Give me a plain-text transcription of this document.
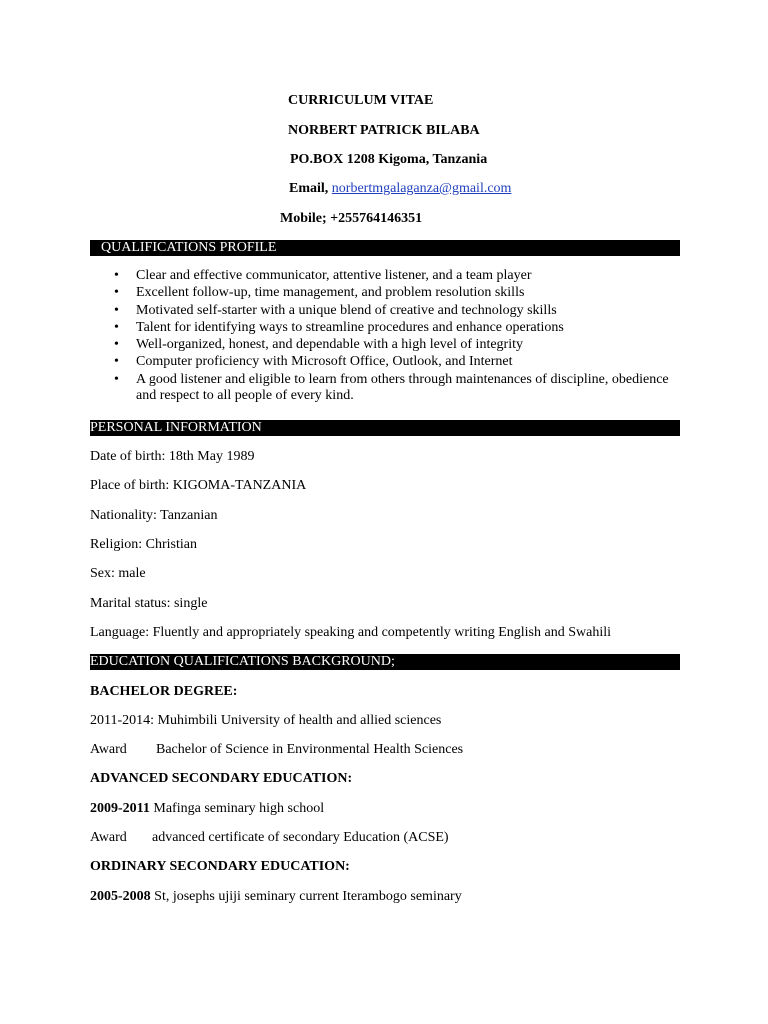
CURRICULUM VITAE
NORBERT PATRICK BILABA
PO.BOX 1208 Kigoma, Tanzania
Email, norbertmgalaganza@gmail.com
Mobile; +255764146351
QUALIFICATIONS PROFILE
• Clear and effective communicator, attentive listener, and a team player
• Excellent follow-up, time management, and problem resolution skills
• Motivated self-starter with a unique blend of creative and technology skills
• Talent for identifying ways to streamline procedures and enhance operations
• Well-organized, honest, and dependable with a high level of integrity
• Computer proficiency with Microsoft Office, Outlook, and Internet
• A good listener and eligible to learn from others through maintenances of discipline, obedience and respect to all people of every kind.
PERSONAL INFORMATION
Date of birth: 18th May 1989
Place of birth: KIGOMA-TANZANIA
Nationality: Tanzanian
Religion: Christian
Sex: male
Marital status: single
Language: Fluently and appropriately speaking and competently writing English and Swahili
EDUCATION QUALIFICATIONS BACKGROUND;
BACHELOR DEGREE:
2011-2014: Muhimbili University of health and allied sciences
Award Bachelor of Science in Environmental Health Sciences
ADVANCED SECONDARY EDUCATION:
2009-2011 Mafinga seminary high school
Award advanced certificate of secondary Education (ACSE)
ORDINARY SECONDARY EDUCATION:
2005-2008 St, josephs ujiji seminary current Iterambogo seminary
